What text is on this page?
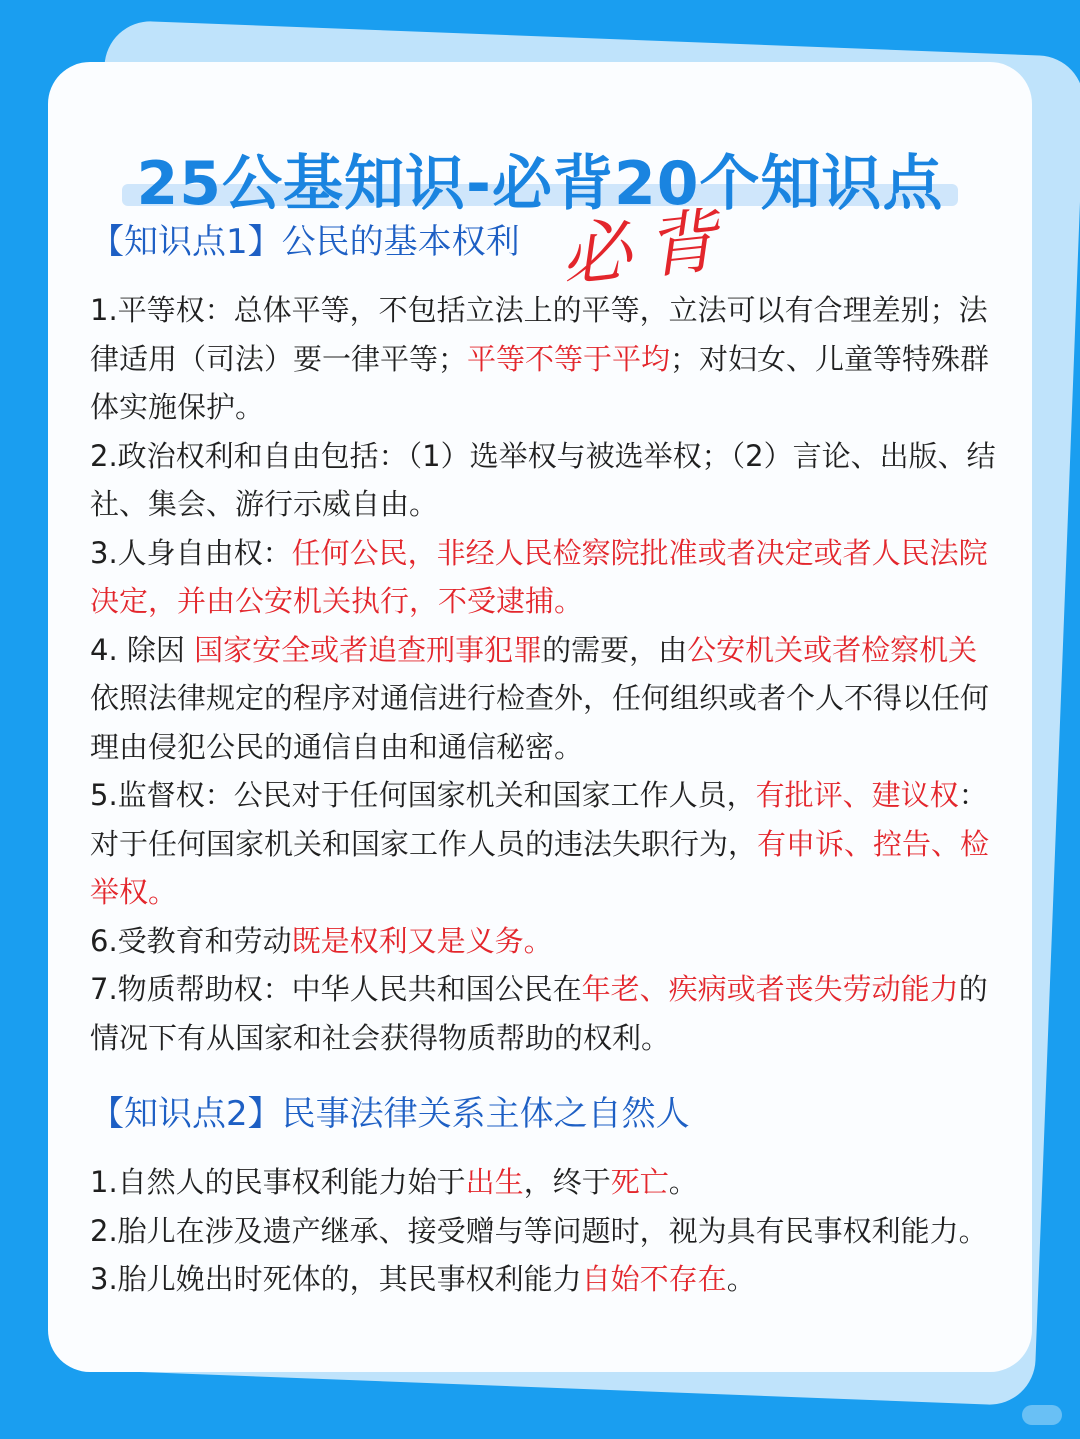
25公基知识-必背20个知识点
【知识点1】公民的基本权利 必背

1.平等权：总体平等，不包括立法上的平等，立法可以有合理差别；法律适用（司法）要一律平等；平等不等于平均；对妇女、儿童等特殊群体实施保护。

2.政治权利和自由包括：（1）选举权与被选举权；（2）言论、出版、结社、集会、游行示威自由。

3.人身自由权：任何公民，非经人民检察院批准或者决定或者人民法院决定，并由公安机关执行，不受逮捕。

4. 除因 国家安全或者追查刑事犯罪的需要，由公安机关或者检察机关 依照法律规定的程序对通信进行检查外，任何组织或者个人不得以任何理由侵犯公民的通信自由和通信秘密。

5.监督权：公民对于任何国家机关和国家工作人员，有批评、建议权：对于任何国家机关和国家工作人员的违法失职行为，有申诉、控告、检举权。

6.受教育和劳动既是权利又是义务。

7.物质帮助权：中华人民共和国公民在年老、疾病或者丧失劳动能力的情况下有从国家和社会获得物质帮助的权利。

【知识点2】民事法律关系主体之自然人

1.自然人的民事权利能力始于出生，终于死亡。

2.胎儿在涉及遗产继承、接受赠与等问题时，视为具有民事权利能力。

3.胎儿娩出时死体的，其民事权利能力自始不存在。
